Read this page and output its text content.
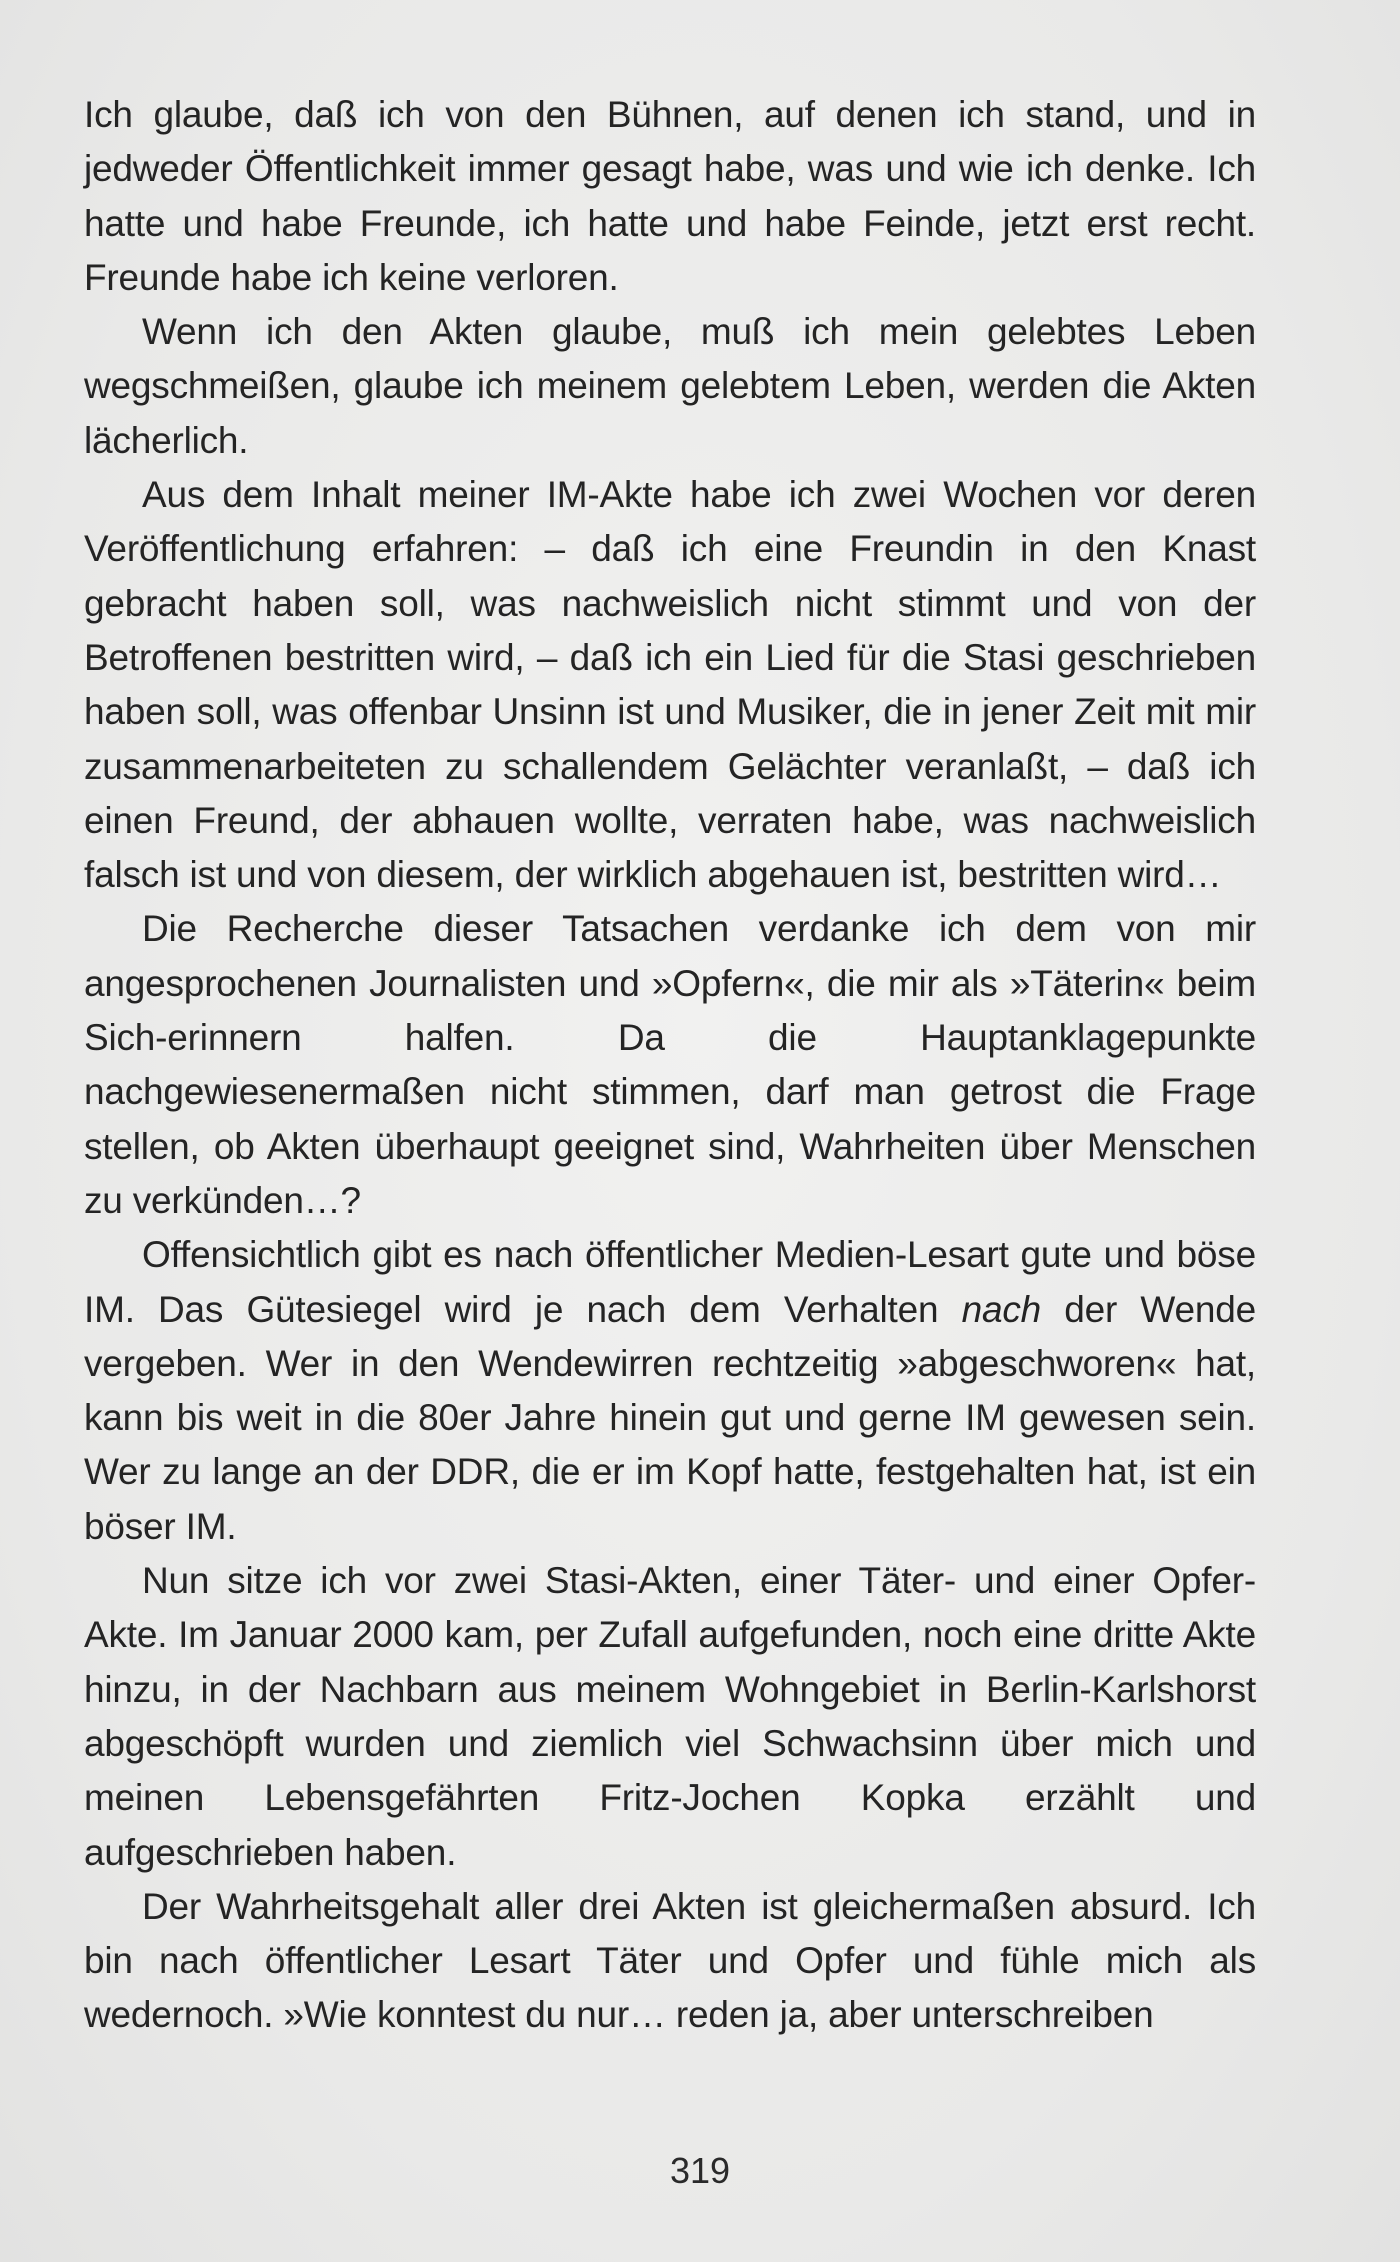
Ich glaube, daß ich von den Bühnen, auf denen ich stand, und in jedweder Öffentlichkeit immer gesagt habe, was und wie ich denke. Ich hatte und habe Freunde, ich hatte und habe Feinde, jetzt erst recht. Freunde habe ich keine verloren.

Wenn ich den Akten glaube, muß ich mein gelebtes Leben wegschmeißen, glaube ich meinem gelebtem Leben, werden die Akten lächerlich.

Aus dem Inhalt meiner IM-Akte habe ich zwei Wochen vor deren Veröffentlichung erfahren: – daß ich eine Freundin in den Knast gebracht haben soll, was nachweislich nicht stimmt und von der Betroffenen bestritten wird, – daß ich ein Lied für die Stasi geschrieben haben soll, was offenbar Unsinn ist und Musiker, die in jener Zeit mit mir zusammenarbeiteten zu schallendem Gelächter veranlaßt, – daß ich einen Freund, der abhauen wollte, verraten habe, was nachweislich falsch ist und von diesem, der wirklich abgehauen ist, bestritten wird…

Die Recherche dieser Tatsachen verdanke ich dem von mir angesprochenen Journalisten und »Opfern«, die mir als »Täterin« beim Sich-erinnern halfen. Da die Hauptanklagepunkte nachgewiesenermaßen nicht stimmen, darf man getrost die Frage stellen, ob Akten überhaupt geeignet sind, Wahrheiten über Menschen zu verkünden…?

Offensichtlich gibt es nach öffentlicher Medien-Lesart gute und böse IM. Das Gütesiegel wird je nach dem Verhalten nach der Wende vergeben. Wer in den Wendewirren rechtzeitig »abgeschworen« hat, kann bis weit in die 80er Jahre hinein gut und gerne IM gewesen sein. Wer zu lange an der DDR, die er im Kopf hatte, festgehalten hat, ist ein böser IM.

Nun sitze ich vor zwei Stasi-Akten, einer Täter- und einer Opfer-Akte. Im Januar 2000 kam, per Zufall aufgefunden, noch eine dritte Akte hinzu, in der Nachbarn aus meinem Wohngebiet in Berlin-Karlshorst abgeschöpft wurden und ziemlich viel Schwachsinn über mich und meinen Lebensgefährten Fritz-Jochen Kopka erzählt und aufgeschrieben haben.

Der Wahrheitsgehalt aller drei Akten ist gleichermaßen absurd. Ich bin nach öffentlicher Lesart Täter und Opfer und fühle mich als wedernoch. »Wie konntest du nur… reden ja, aber unterschreiben

319
